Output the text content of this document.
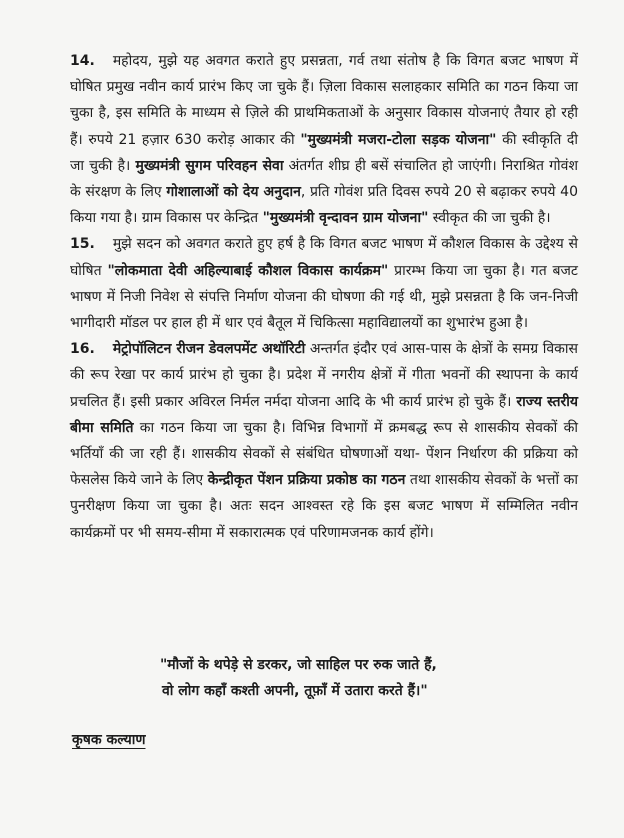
14. महोदय, मुझे यह अवगत कराते हुए प्रसन्नता, गर्व तथा संतोष है कि विगत बजट भाषण में घोषित प्रमुख नवीन कार्य प्रारंभ किए जा चुके हैं। ज़िला विकास सलाहकार समिति का गठन किया जा चुका है, इस समिति के माध्यम से ज़िले की प्राथमिकताओं के अनुसार विकास योजनाएं तैयार हो रही हैं। रुपये 21 हज़ार 630 करोड़ आकार की "मुख्यमंत्री मजरा-टोला सड़क योजना" की स्वीकृति दी जा चुकी है। मुख्यमंत्री सुगम परिवहन सेवा अंतर्गत शीघ्र ही बसें संचालित हो जाएंगी। निराश्रित गोवंश के संरक्षण के लिए गोशालाओं को देय अनुदान, प्रति गोवंश प्रति दिवस रुपये 20 से बढ़ाकर रुपये 40 किया गया है। ग्राम विकास पर केन्द्रित "मुख्यमंत्री वृन्दावन ग्राम योजना" स्वीकृत की जा चुकी है।

15. मुझे सदन को अवगत कराते हुए हर्ष है कि विगत बजट भाषण में कौशल विकास के उद्देश्य से घोषित "लोकमाता देवी अहिल्याबाई कौशल विकास कार्यक्रम" प्रारम्भ किया जा चुका है। गत बजट भाषण में निजी निवेश से संपत्ति निर्माण योजना की घोषणा की गई थी, मुझे प्रसन्नता है कि जन-निजी भागीदारी मॉडल पर हाल ही में धार एवं बैतूल में चिकित्सा महाविद्यालयों का शुभारंभ हुआ है।

16. मेट्रोपॉलिटन रीजन डेवलपमेंट अथॉरिटी अन्तर्गत इंदौर एवं आस-पास के क्षेत्रों के समग्र विकास की रूप रेखा पर कार्य प्रारंभ हो चुका है। प्रदेश में नगरीय क्षेत्रों में गीता भवनों की स्थापना के कार्य प्रचलित हैं। इसी प्रकार अविरल निर्मल नर्मदा योजना आदि के भी कार्य प्रारंभ हो चुके हैं। राज्य स्तरीय बीमा समिति का गठन किया जा चुका है। विभिन्न विभागों में क्रमबद्ध रूप से शासकीय सेवकों की भर्तियाँ की जा रही हैं। शासकीय सेवकों से संबंधित घोषणाओं यथा- पेंशन निर्धारण की प्रक्रिया को फेसलेस किये जाने के लिए केन्द्रीकृत पेंशन प्रक्रिया प्रकोष्ठ का गठन तथा शासकीय सेवकों के भत्तों का पुनरीक्षण किया जा चुका है। अतः सदन आश्वस्त रहे कि इस बजट भाषण में सम्मिलित नवीन कार्यक्रमों पर भी समय-सीमा में सकारात्मक एवं परिणामजनक कार्य होंगे।

"मौजों के थपेड़े से डरकर, जो साहिल पर रुक जाते हैं,
वो लोग कहाँ कश्ती अपनी, तूफ़ाँ में उतारा करते हैं।"
कृषक कल्याण
